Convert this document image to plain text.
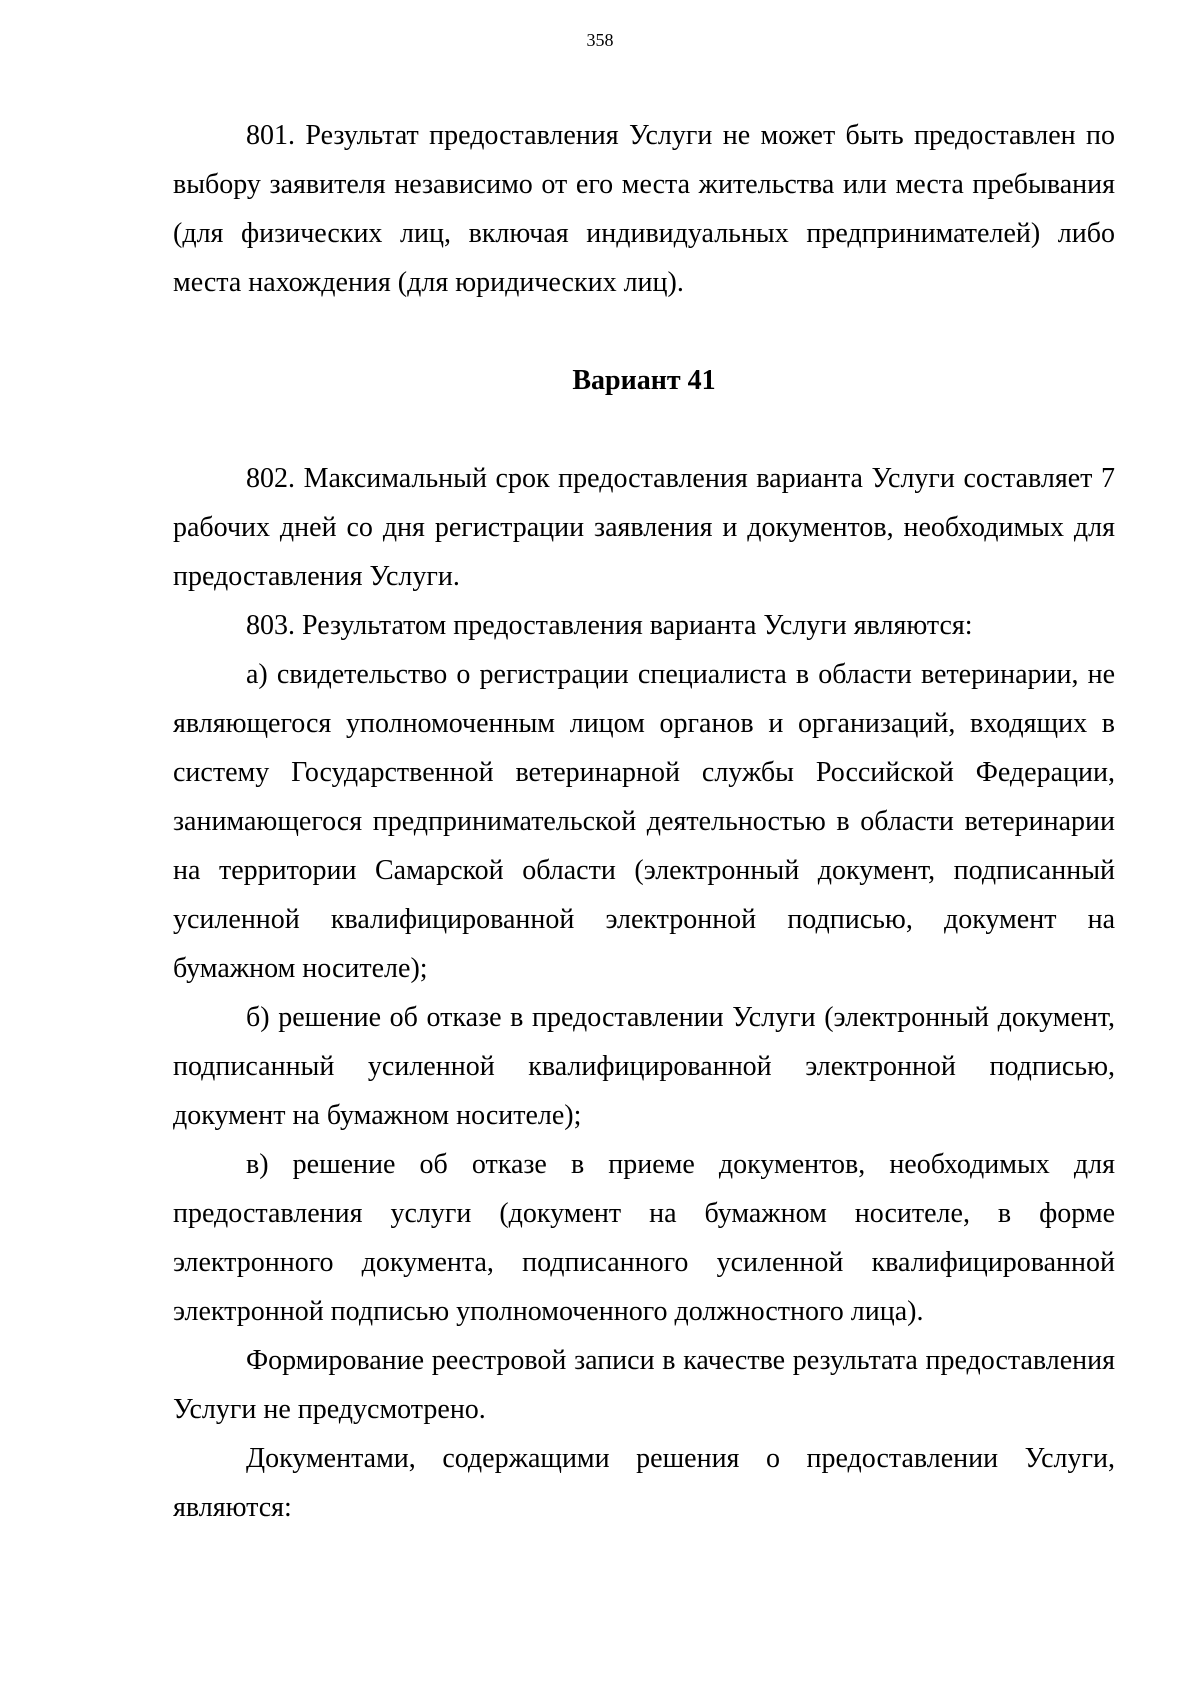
358

801. Результат предоставления Услуги не может быть предоставлен по выбору заявителя независимо от его места жительства или места пребывания (для физических лиц, включая индивидуальных предпринимателей) либо места нахождения (для юридических лиц).

Вариант 41

802. Максимальный срок предоставления варианта Услуги составляет 7 рабочих дней со дня регистрации заявления и документов, необходимых для предоставления Услуги.

803. Результатом предоставления варианта Услуги являются:

а) свидетельство о регистрации специалиста в области ветеринарии, не являющегося уполномоченным лицом органов и организаций, входящих в систему Государственной ветеринарной службы Российской Федерации, занимающегося предпринимательской деятельностью в области ветеринарии на территории Самарской области (электронный документ, подписанный усиленной квалифицированной электронной подписью, документ на бумажном носителе);

б) решение об отказе в предоставлении Услуги (электронный документ, подписанный усиленной квалифицированной электронной подписью, документ на бумажном носителе);

в) решение об отказе в приеме документов, необходимых для предоставления услуги (документ на бумажном носителе, в форме электронного документа, подписанного усиленной квалифицированной электронной подписью уполномоченного должностного лица).

Формирование реестровой записи в качестве результата предоставления Услуги не предусмотрено.

Документами, содержащими решения о предоставлении Услуги, являются:
